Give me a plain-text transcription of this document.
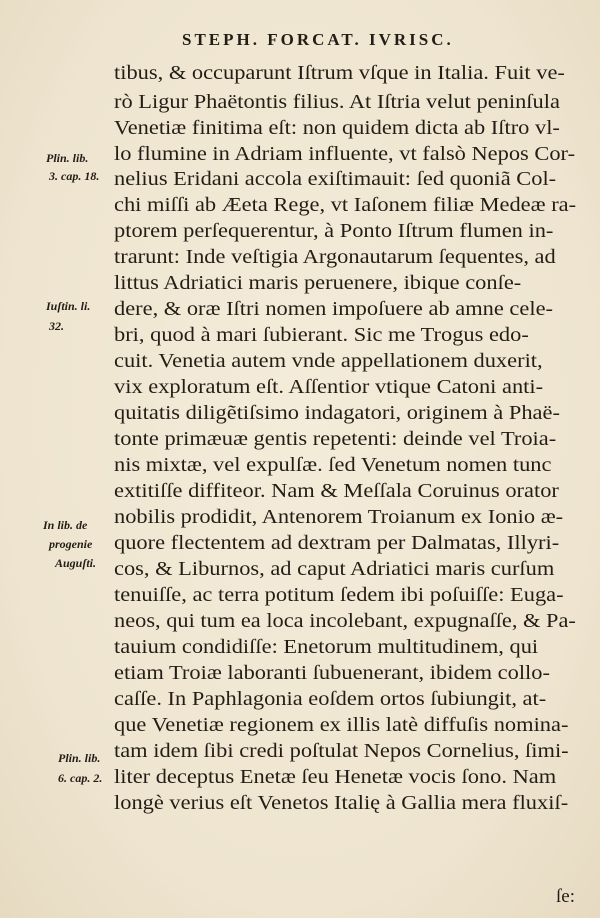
STEPH. FORCAT. IVRISC.
tibus, & occuparunt Iſtrum vſque in Italia. Fuit ve-
rò Ligur Phaëtontis filius. At Iſtria velut peninſula
Venetiæ finitima eſt: non quidem dicta ab Iſtro vl-
lo flumine in Adriam influente, vt falsò Nepos Cor-
nelius Eridani accola exiſtimauit: ſed quoniã Col-
chi miſſi ab Æeta Rege, vt Iaſonem filiæ Medeæ ra-
ptorem perſequerentur, à Ponto Iſtrum flumen in-
trarunt: Inde veſtigia Argonautarum ſequentes, ad
littus Adriatici maris peruenere, ibique conſe-
dere, & oræ Iſtri nomen impoſuere ab amne cele-
bri, quod à mari ſubierant. Sic me Trogus edo-
cuit. Venetia autem vnde appellationem duxerit,
vix exploratum eſt. Aſſentior vtique Catoni anti-
quitatis diligẽtiſsimo indagatori, originem à Phaë-
tonte primæuæ gentis repetenti: deinde vel Troia-
nis mixtæ, vel expulſæ. ſed Venetum nomen tunc
extitiſſe diffiteor. Nam & Meſſala Coruinus orator
nobilis prodidit, Antenorem Troianum ex Ionio æ-
quore flectentem ad dextram per Dalmatas, Illyri-
cos, & Liburnos, ad caput Adriatici maris curſum
tenuiſſe, ac terra potitum ſedem ibi poſuiſſe: Euga-
neos, qui tum ea loca incolebant, expugnaſſe, & Pa-
tauium condidiſſe: Enetorum multitudinem, qui
etiam Troiæ laboranti ſubuenerant, ibidem collo-
caſſe. In Paphlagonia eoſdem ortos ſubiungit, at-
que Venetiæ regionem ex illis latè diffuſis nomina-
tam idem ſibi credi poſtulat Nepos Cornelius, ſimi-
liter deceptus Enetæ ſeu Henetæ vocis ſono. Nam
longè verius eſt Venetos Italię à Gallia mera fluxiſ-
Plin. lib.
3. cap. 18.
Iuſtin. li.
32.
In lib. de
progenie
Auguſti.
Plin. lib.
6. cap. 2.
ſe:
